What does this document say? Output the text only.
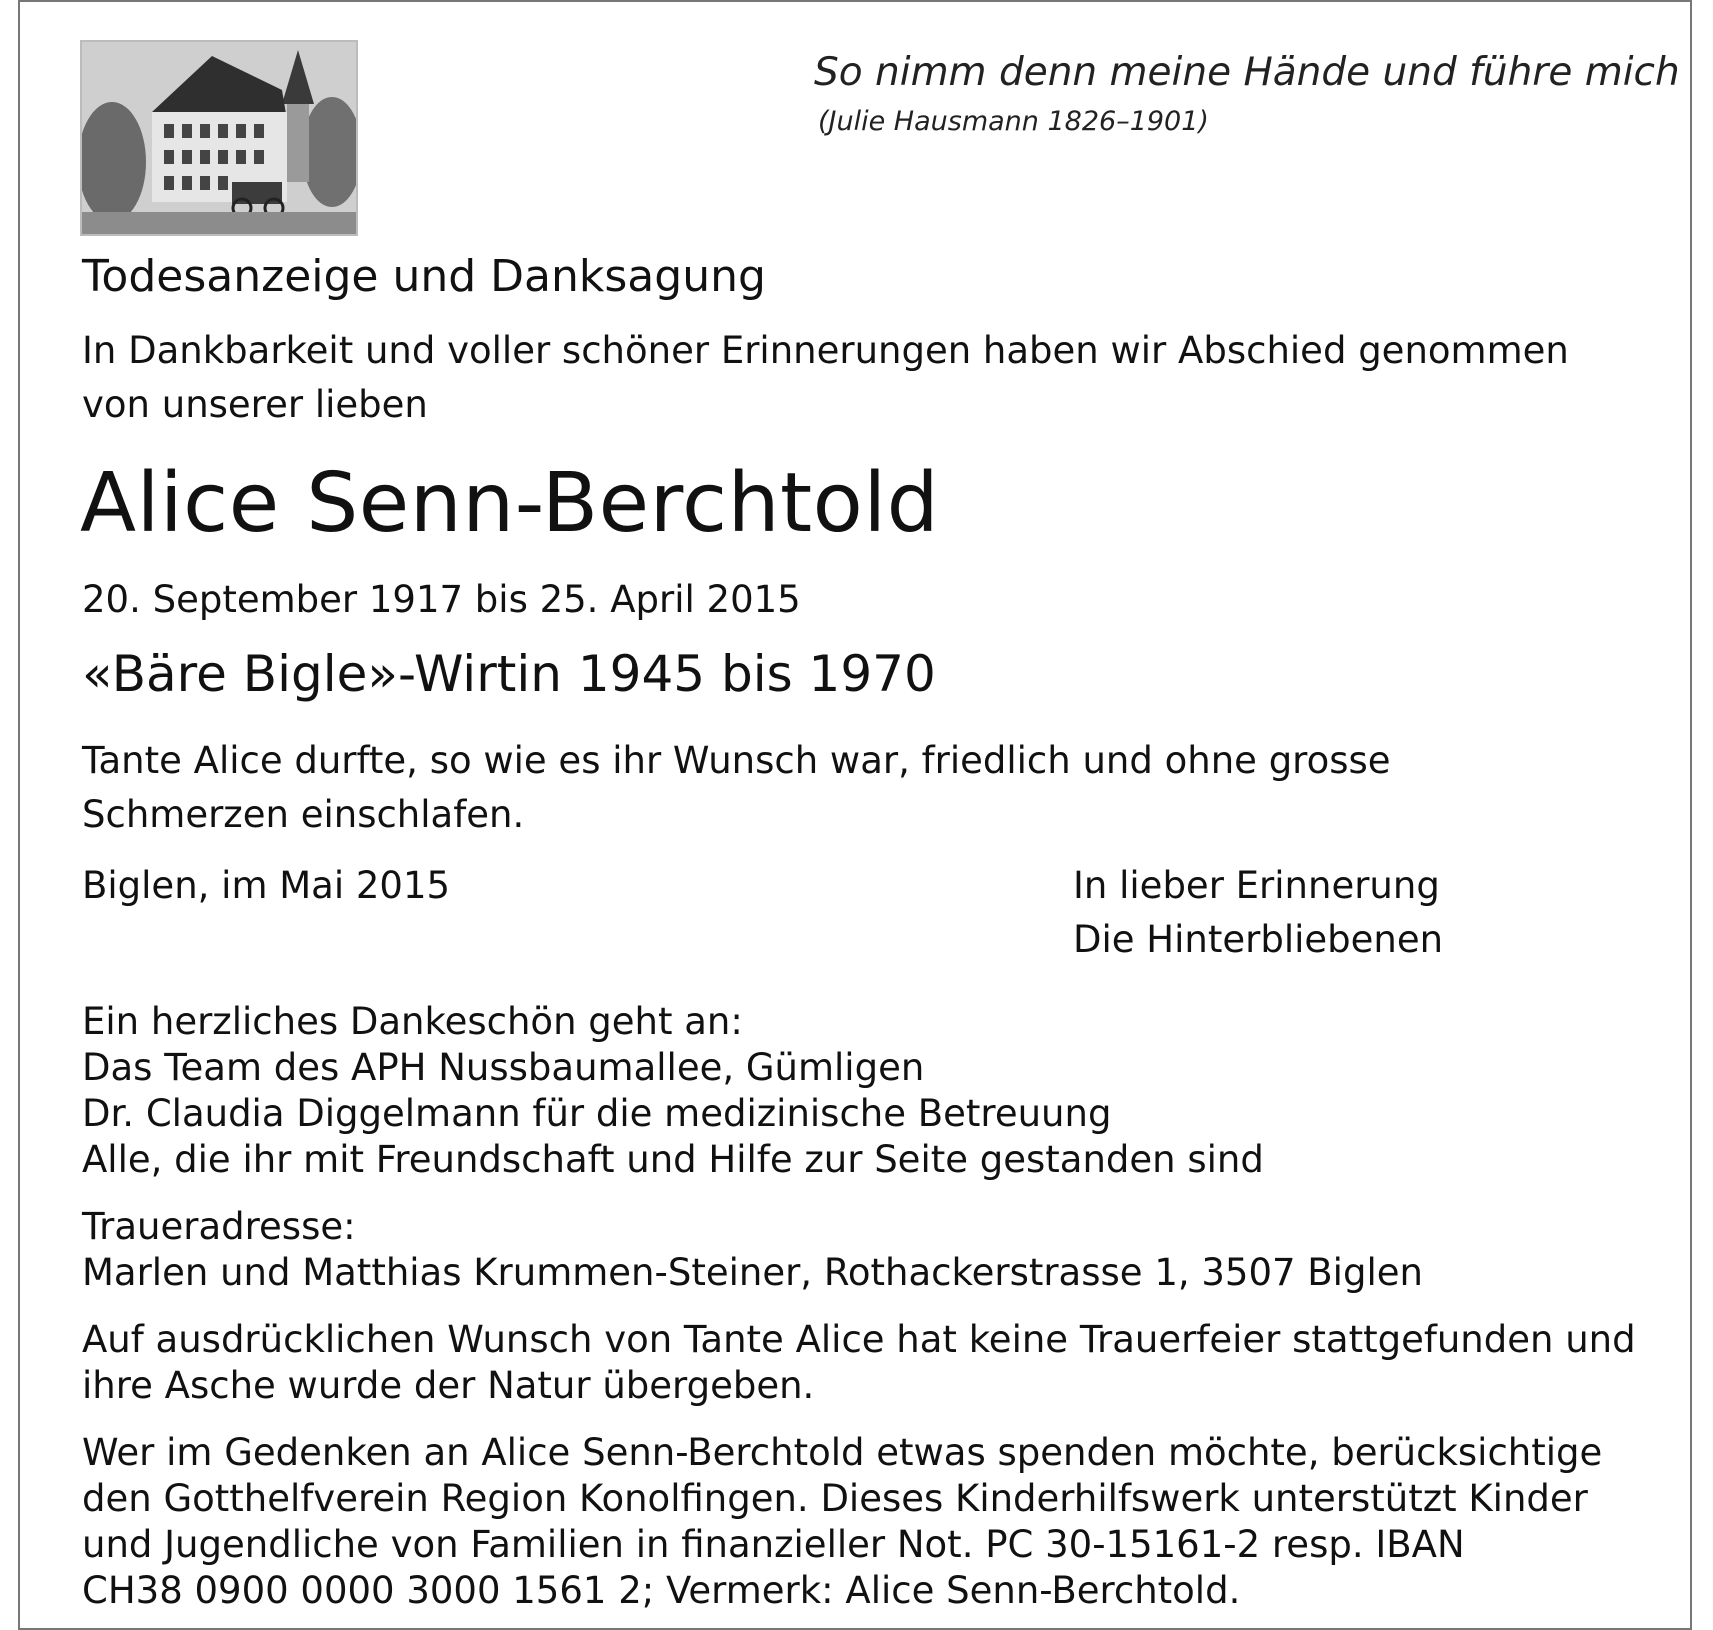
So nimm denn meine Hände und führe mich

(Julie Hausmann 1826–1901)

Todesanzeige und Danksagung

In Dankbarkeit und voller schöner Erinnerungen haben wir Abschied genommen

von unserer lieben

Alice Senn-Berchtold

20. September 1917 bis 25. April 2015

«Bäre Bigle»-Wirtin 1945 bis 1970

Tante Alice durfte, so wie es ihr Wunsch war, friedlich und ohne grosse

Schmerzen einschlafen.

Biglen, im Mai 2015	In lieber Erinnerung

Die Hinterbliebenen

Ein herzliches Dankeschön geht an:

Das Team des APH Nussbaumallee, Gümligen

Dr. Claudia Diggelmann für die medizinische Betreuung

Alle, die ihr mit Freundschaft und Hilfe zur Seite gestanden sind

Traueradresse:

Marlen und Matthias Krummen-Steiner, Rothackerstrasse 1, 3507 Biglen

Auf ausdrücklichen Wunsch von Tante Alice hat keine Trauerfeier stattgefunden und

ihre Asche wurde der Natur übergeben.

Wer im Gedenken an Alice Senn-Berchtold etwas spenden möchte, berücksichtige

den Gotthelfverein Region Konolfingen. Dieses Kinderhilfswerk unterstützt Kinder

und Jugendliche von Familien in finanzieller Not. PC 30-15161-2 resp. IBAN

CH38 0900 0000 3000 1561 2; Vermerk: Alice Senn-Berchtold.
